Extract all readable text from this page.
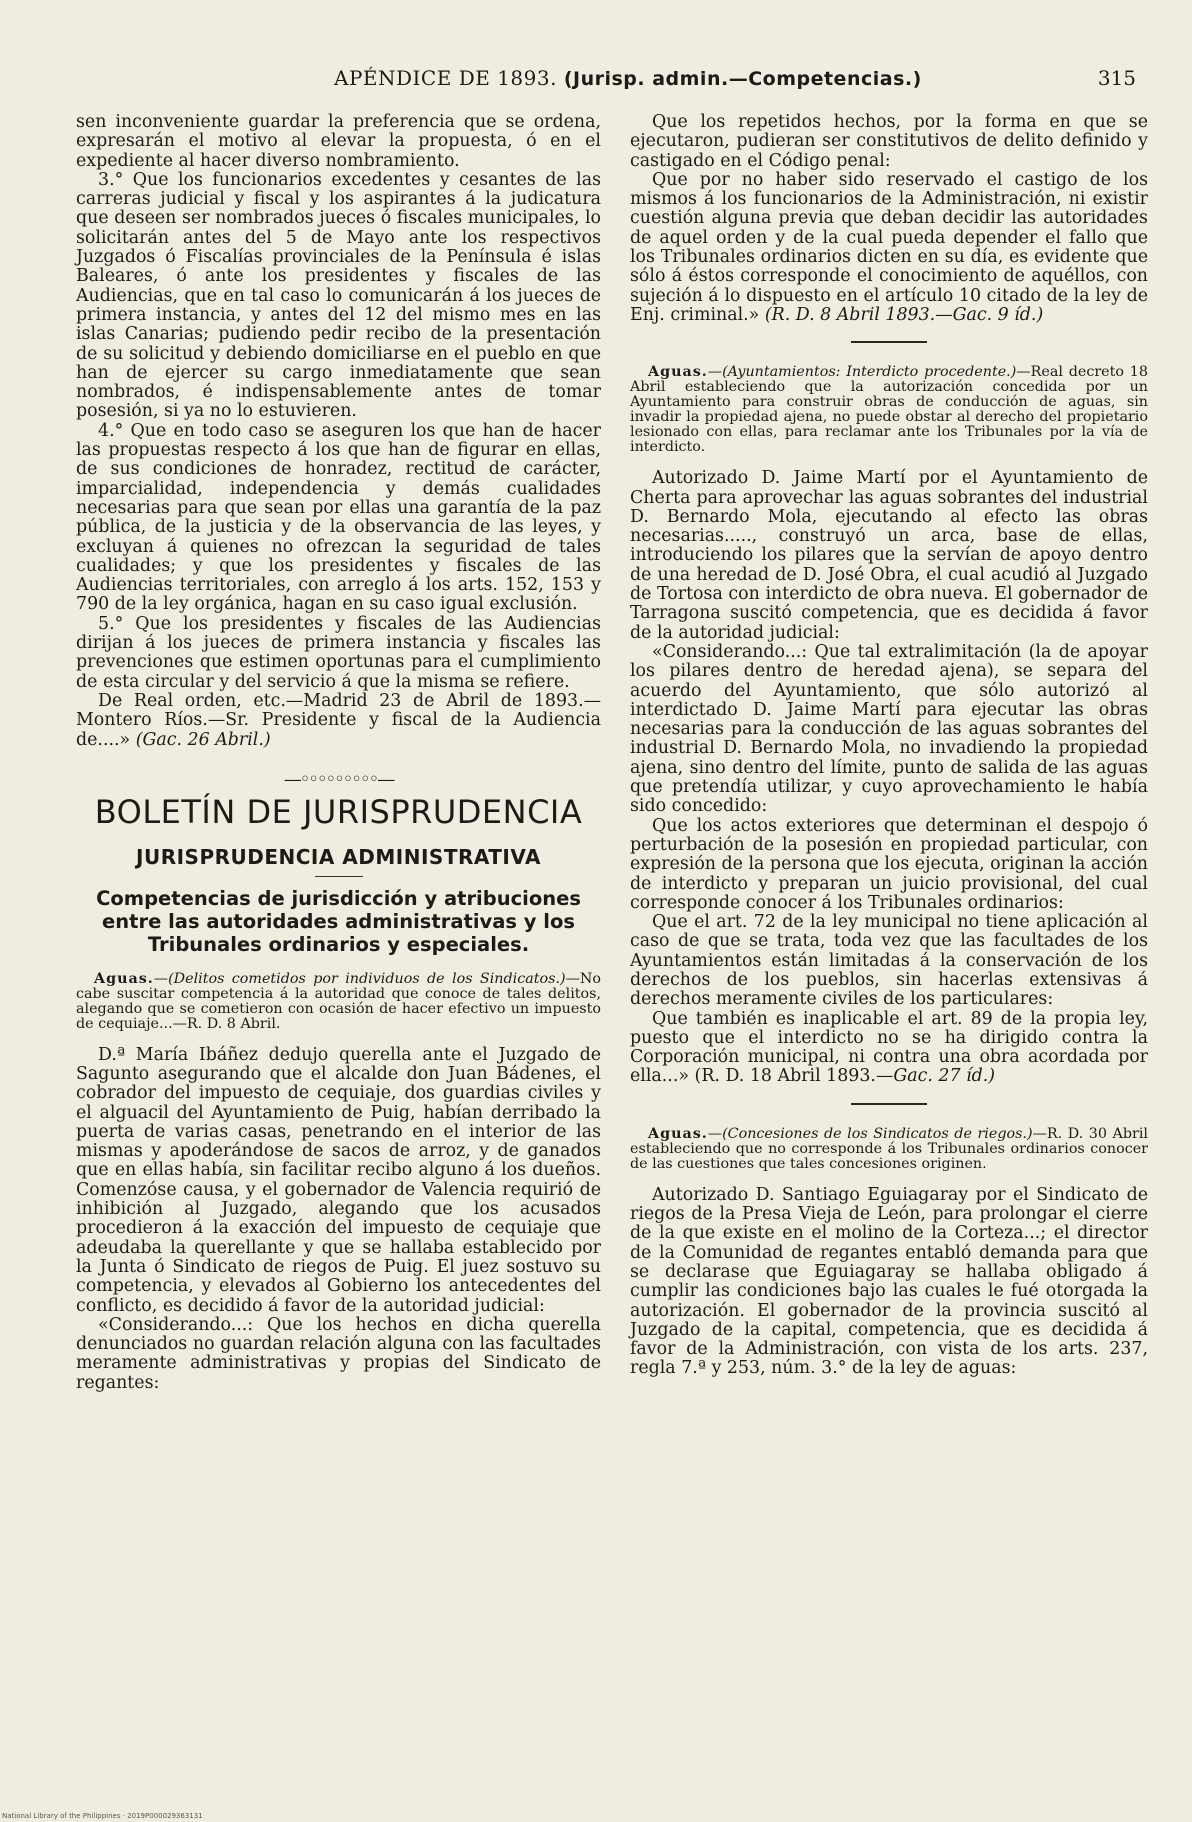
APÉNDICE DE 1893. (Jurisp. admin.—Competencias.)	315

sen inconveniente guardar la preferencia que se ordena, expresarán el motivo al elevar la propuesta, ó en el expediente al hacer diverso nombramiento.

3.° Que los funcionarios excedentes y cesantes de las carreras judicial y fiscal y los aspirantes á la judicatura que deseen ser nombrados jueces ó fiscales municipales, lo solicitarán antes del 5 de Mayo ante los respectivos Juzgados ó Fiscalías provinciales de la Península é islas Baleares, ó ante los presidentes y fiscales de las Audiencias, que en tal caso lo comunicarán á los jueces de primera instancia, y antes del 12 del mismo mes en las islas Canarias; pudiendo pedir recibo de la presentación de su solicitud y debiendo domiciliarse en el pueblo en que han de ejercer su cargo inmediatamente que sean nombrados, é indispensablemente antes de tomar posesión, si ya no lo estuvieren.

4.° Que en todo caso se aseguren los que han de hacer las propuestas respecto á los que han de figurar en ellas, de sus condiciones de honradez, rectitud de carácter, imparcialidad, independencia y demás cualidades necesarias para que sean por ellas una garantía de la paz pública, de la justicia y de la observancia de las leyes, y excluyan á quienes no ofrezcan la seguridad de tales cualidades; y que los presidentes y fiscales de las Audiencias territoriales, con arreglo á los arts. 152, 153 y 790 de la ley orgánica, hagan en su caso igual exclusión.

5.° Que los presidentes y fiscales de las Audiencias dirijan á los jueces de primera instancia y fiscales las prevenciones que estimen oportunas para el cumplimiento de esta circular y del servicio á que la misma se refiere.

De Real orden, etc.—Madrid 23 de Abril de 1893.—Montero Ríos.—Sr. Presidente y fiscal de la Audiencia de....» (Gac. 26 Abril.)

—◦◦◦◦◦◦◦◦◦—
BOLETÍN DE JURISPRUDENCIA
JURISPRUDENCIA ADMINISTRATIVA
Competencias de jurisdicción y atribuciones entre las autoridades administrativas y los Tribunales ordinarios y especiales.
Aguas.—(Delitos cometidos por individuos de los Sindicatos.)—No cabe suscitar competencia á la autoridad que conoce de tales delitos, alegando que se cometieron con ocasión de hacer efectivo un impuesto de cequiaje...—R. D. 8 Abril.

D.ª María Ibáñez dedujo querella ante el Juzgado de Sagunto asegurando que el alcalde don Juan Bádenes, el cobrador del impuesto de cequiaje, dos guardias civiles y el alguacil del Ayuntamiento de Puig, habían derribado la puerta de varias casas, penetrando en el interior de las mismas y apoderándose de sacos de arroz, y de ganados que en ellas había, sin facilitar recibo alguno á los dueños. Comenzóse causa, y el gobernador de Valencia requirió de inhibición al Juzgado, alegando que los acusados procedieron á la exacción del impuesto de cequiaje que adeudaba la querellante y que se hallaba establecido por la Junta ó Sindicato de riegos de Puig. El juez sostuvo su competencia, y elevados al Gobierno los antecedentes del conflicto, es decidido á favor de la autoridad judicial:

«Considerando...: Que los hechos en dicha querella denunciados no guardan relación alguna con las facultades meramente administrativas y propias del Sindicato de regantes:

Que los repetidos hechos, por la forma en que se ejecutaron, pudieran ser constitutivos de delito definido y castigado en el Código penal:

Que por no haber sido reservado el castigo de los mismos á los funcionarios de la Administración, ni existir cuestión alguna previa que deban decidir las autoridades de aquel orden y de la cual pueda depender el fallo que los Tribunales ordinarios dicten en su día, es evidente que sólo á éstos corresponde el conocimiento de aquéllos, con sujeción á lo dispuesto en el artículo 10 citado de la ley de Enj. criminal.» (R. D. 8 Abril 1893.—Gac. 9 íd.)

Aguas.—(Ayuntamientos: Interdicto procedente.)—Real decreto 18 Abril estableciendo que la autorización concedida por un Ayuntamiento para construir obras de conducción de aguas, sin invadir la propiedad ajena, no puede obstar al derecho del propietario lesionado con ellas, para reclamar ante los Tribunales por la vía de interdicto.

Autorizado D. Jaime Martí por el Ayuntamiento de Cherta para aprovechar las aguas sobrantes del industrial D. Bernardo Mola, ejecutando al efecto las obras necesarias....., construyó un arca, base de ellas, introduciendo los pilares que la servían de apoyo dentro de una heredad de D. José Obra, el cual acudió al Juzgado de Tortosa con interdicto de obra nueva. El gobernador de Tarragona suscitó competencia, que es decidida á favor de la autoridad judicial:

«Considerando...: Que tal extralimitación (la de apoyar los pilares dentro de heredad ajena), se separa del acuerdo del Ayuntamiento, que sólo autorizó al interdictado D. Jaime Martí para ejecutar las obras necesarias para la conducción de las aguas sobrantes del industrial D. Bernardo Mola, no invadiendo la propiedad ajena, sino dentro del límite, punto de salida de las aguas que pretendía utilizar, y cuyo aprovechamiento le había sido concedido:

Que los actos exteriores que determinan el despojo ó perturbación de la posesión en propiedad particular, con expresión de la persona que los ejecuta, originan la acción de interdicto y preparan un juicio provisional, del cual corresponde conocer á los Tribunales ordinarios:

Que el art. 72 de la ley municipal no tiene aplicación al caso de que se trata, toda vez que las facultades de los Ayuntamientos están limitadas á la conservación de los derechos de los pueblos, sin hacerlas extensivas á derechos meramente civiles de los particulares:

Que también es inaplicable el art. 89 de la propia ley, puesto que el interdicto no se ha dirigido contra la Corporación municipal, ni contra una obra acordada por ella...» (R. D. 18 Abril 1893.—Gac. 27 íd.)

Aguas.—(Concesiones de los Sindicatos de riegos.)—R. D. 30 Abril estableciendo que no corresponde á los Tribunales ordinarios conocer de las cuestiones que tales concesiones originen.

Autorizado D. Santiago Eguiagaray por el Sindicato de riegos de la Presa Vieja de León, para prolongar el cierre de la que existe en el molino de la Corteza...; el director de la Comunidad de regantes entabló demanda para que se declarase que Eguiagaray se hallaba obligado á cumplir las condiciones bajo las cuales le fué otorgada la autorización. El gobernador de la provincia suscitó al Juzgado de la capital, competencia, que es decidida á favor de la Administración, con vista de los arts. 237, regla 7.ª y 253, núm. 3.° de la ley de aguas:

National Library of the Philippines · 2019P000029363131
